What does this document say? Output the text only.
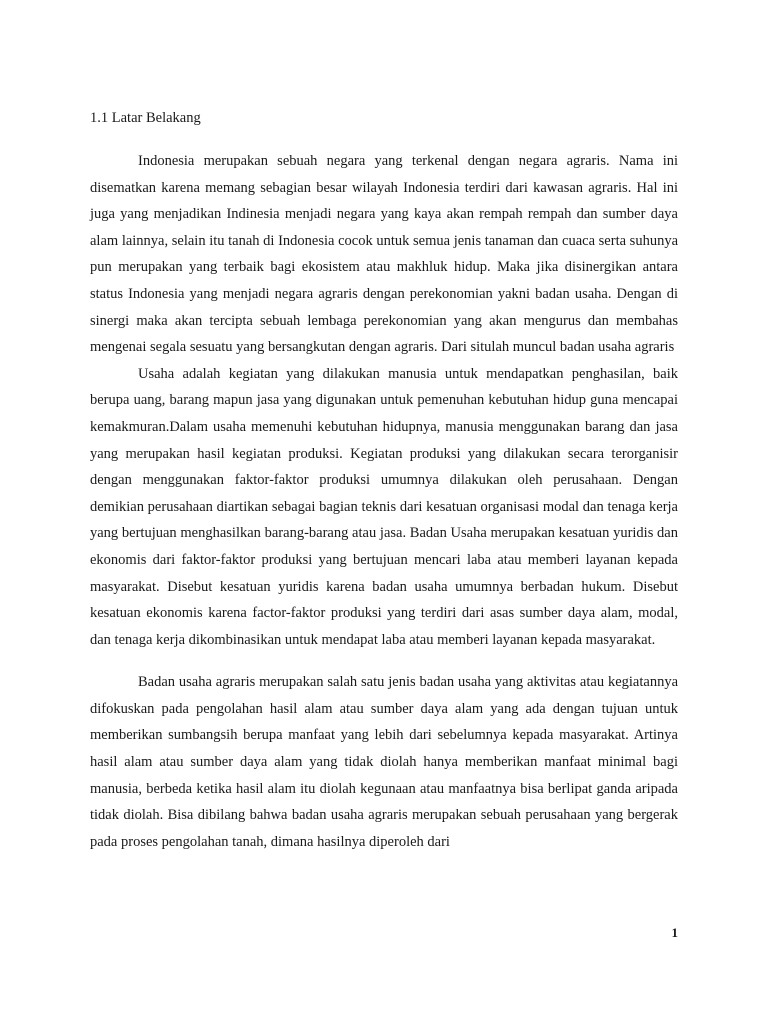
1.1 Latar Belakang

Indonesia merupakan sebuah negara yang terkenal dengan negara agraris. Nama ini disematkan karena memang sebagian besar wilayah Indonesia terdiri dari kawasan agraris. Hal ini juga yang menjadikan Indinesia menjadi negara yang kaya akan rempah rempah dan sumber daya alam lainnya, selain itu tanah di Indonesia cocok untuk semua jenis tanaman dan cuaca serta suhunya pun merupakan yang terbaik bagi ekosistem atau makhluk hidup. Maka jika disinergikan antara status Indonesia yang menjadi negara agraris dengan perekonomian yakni badan usaha. Dengan di sinergi maka akan tercipta sebuah lembaga perekonomian yang akan mengurus dan membahas mengenai segala sesuatu yang bersangkutan dengan agraris. Dari situlah muncul badan usaha agraris

Usaha adalah kegiatan yang dilakukan manusia untuk mendapatkan penghasilan, baik berupa uang, barang mapun jasa yang digunakan untuk pemenuhan kebutuhan hidup guna mencapai kemakmuran.Dalam usaha memenuhi kebutuhan hidupnya, manusia menggunakan barang dan jasa yang merupakan hasil kegiatan produksi. Kegiatan produksi yang dilakukan secara terorganisir dengan menggunakan faktor-faktor produksi umumnya dilakukan oleh perusahaan. Dengan demikian perusahaan diartikan sebagai bagian teknis dari kesatuan organisasi modal dan tenaga kerja yang bertujuan menghasilkan barang-barang atau jasa. Badan Usaha merupakan kesatuan yuridis dan ekonomis dari faktor-faktor produksi yang bertujuan mencari laba atau memberi layanan kepada masyarakat. Disebut kesatuan yuridis karena badan usaha umumnya berbadan hukum. Disebut kesatuan ekonomis karena factor-faktor produksi yang terdiri dari asas sumber daya alam, modal, dan tenaga kerja dikombinasikan untuk mendapat laba atau memberi layanan kepada masyarakat.

Badan usaha agraris merupakan salah satu jenis badan usaha yang aktivitas atau kegiatannya difokuskan pada pengolahan hasil alam atau sumber daya alam yang ada dengan tujuan untuk memberikan sumbangsih berupa manfaat yang lebih dari sebelumnya kepada masyarakat. Artinya hasil alam atau sumber daya alam yang tidak diolah hanya memberikan manfaat minimal bagi manusia, berbeda ketika hasil alam itu diolah kegunaan atau manfaatnya bisa berlipat ganda aripada tidak diolah. Bisa dibilang bahwa badan usaha agraris merupakan sebuah perusahaan yang bergerak pada proses pengolahan tanah, dimana hasilnya diperoleh dari

1
